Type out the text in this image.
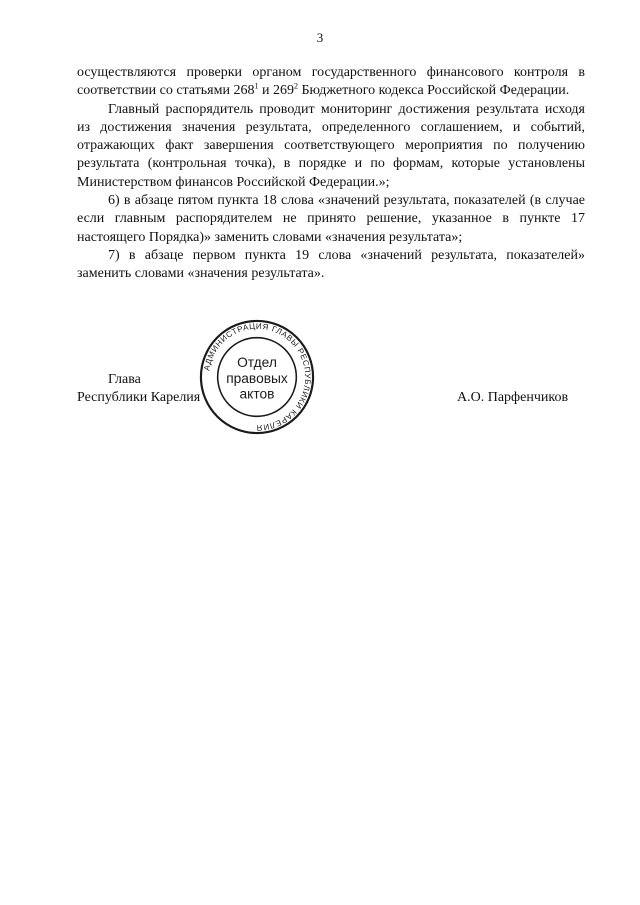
3

осуществляются проверки органом государственного финансового контроля в соответствии со статьями $268^1$ и $269^2$ Бюджетного кодекса Российской Федерации.

Главный распорядитель проводит мониторинг достижения результата исходя из достижения значения результата, определенного соглашением, и событий, отражающих факт завершения соответствующего мероприятия по получению результата (контрольная точка), в порядке и по формам, которые установлены Министерством финансов Российской Федерации.»;

6) в абзаце пятом пункта 18 слова «значений результата, показателей (в случае если главным распорядителем не принято решение, указанное в пункте 17 настоящего Порядка)» заменить словами «значения результата»;

7) в абзаце первом пункта 19 слова «значений результата, показателей» заменить словами «значения результата».

Глава
Республики Карелия	А.О. Парфенчиков
АДМИНИСТРАЦИЯ ГЛАВЫ РЕСПУБЛИКИ КАРЕЛИЯ
Отдел
правовых
актов
